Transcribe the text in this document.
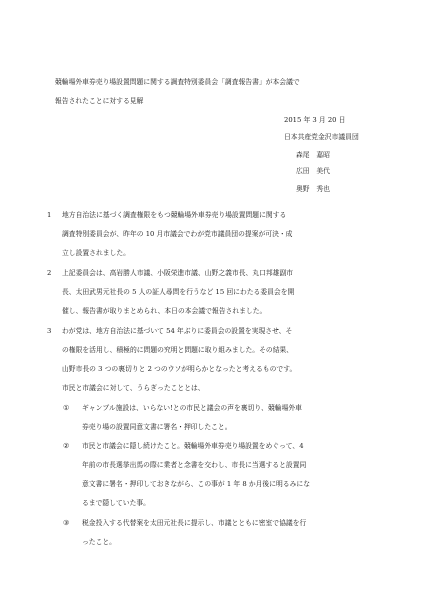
競輪場外車券売り場設置問題に関する調査特別委員会「調査報告書」が本会議で
報告されたことに対する見解
2015 年 3 月 20 日
日本共産党金沢市議員団
森尾　嘉昭
広田　美代
奥野　秀也
1 地方自治法に基づく調査権限をもつ競輪場外車券売り場設置問題に関する
調査特別委員会が、昨年の 10 月市議会でわが党市議員団の提案が可決・成
立し設置されました。
2 上記委員会は、高岩勝人市議、小阪栄進市議、山野之義市長、丸口邦雄副市
長、太田武男元社長の 5 人の証人尋問を行うなど 15 回にわたる委員会を開
催し、報告書が取りまとめられ、本日の本会議で報告されました。
3 わが党は、地方自治法に基づいて 54 年ぶりに委員会の設置を実現させ、そ
の権限を活用し、積極的に問題の究明と問題に取り組みました。その結果、
山野市長の 3 つの裏切りと 2 つのウソが明らかとなったと考えるものです。
市民と市議会に対して、うらぎったこととは、
① ギャンブル施設は、いらない!との市民と議会の声を裏切り、競輪場外車
券売り場の設置同意文書に署名・押印したこと。
② 市民と市議会に隠し続けたこと。競輪場外車券売り場設置をめぐって、4
年前の市長選挙出馬の際に業者と念書を交わし、市長に当選すると設置同
意文書に署名・押印しておきながら、この事が 1 年 8 か月後に明るみにな
るまで隠していた事。
③ 税金投入する代替案を太田元社長に提示し、市議とともに密室で協議を行
ったこと。
